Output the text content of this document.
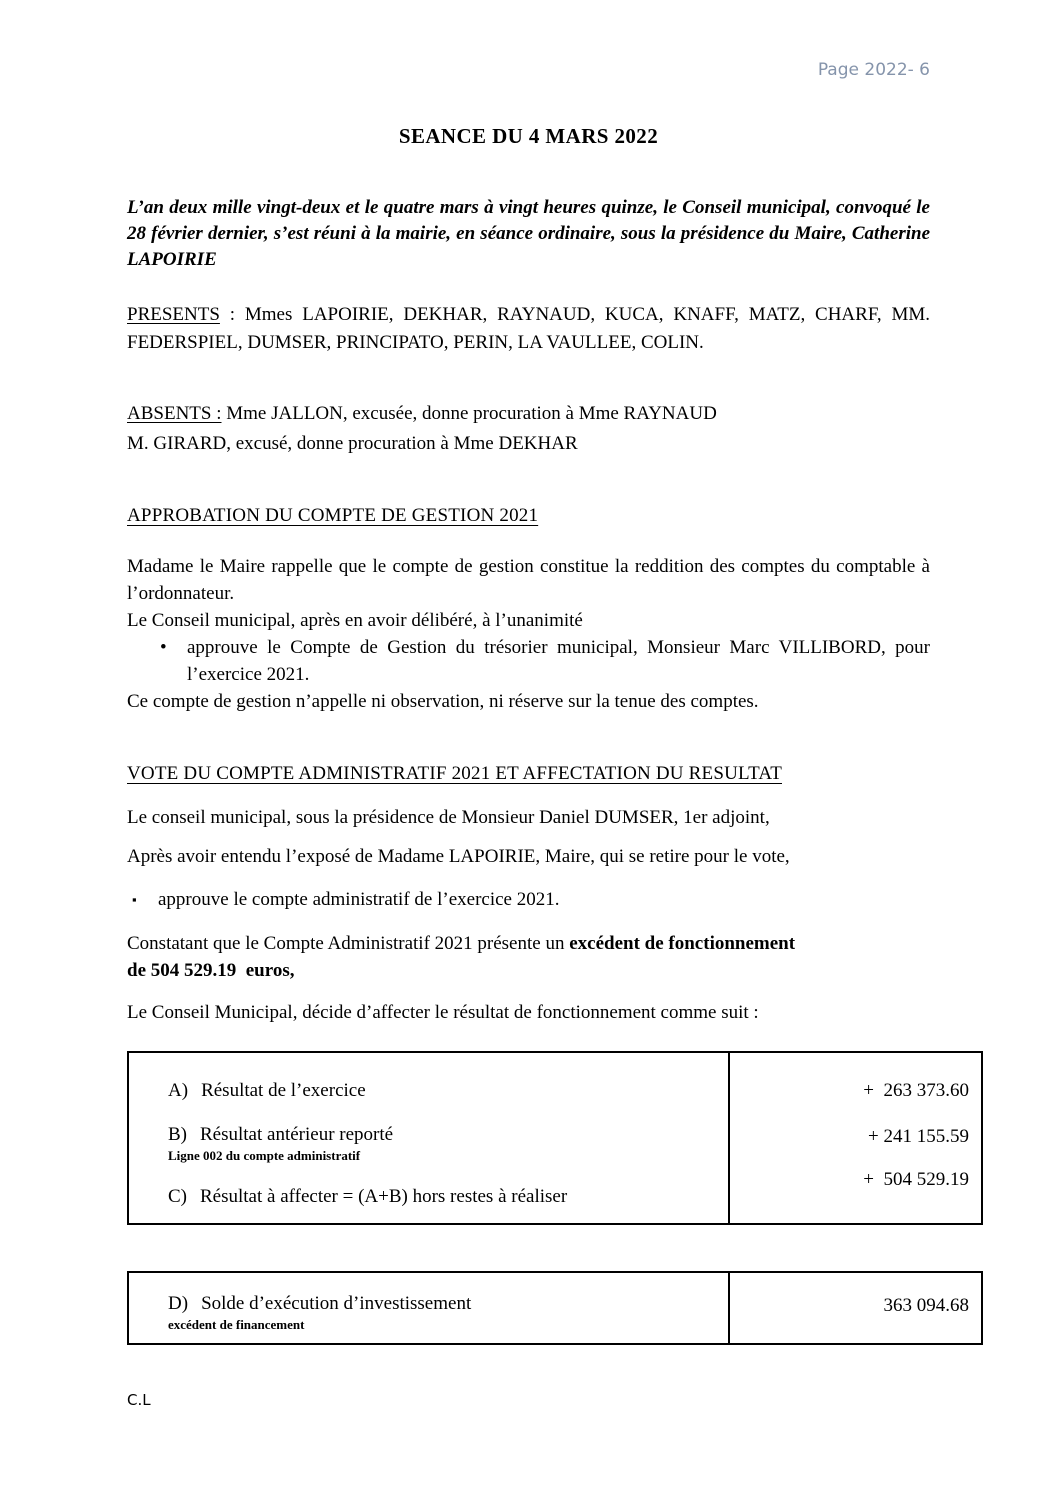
Page 2022- 6
SEANCE DU 4 MARS 2022

L’an deux mille vingt-deux et le quatre mars à vingt heures quinze, le Conseil municipal, convoqué le 28 février dernier, s’est réuni à la mairie, en séance ordinaire, sous la présidence du Maire, Catherine LAPOIRIE

PRESENTS : Mmes LAPOIRIE, DEKHAR, RAYNAUD, KUCA, KNAFF, MATZ, CHARF, MM. FEDERSPIEL, DUMSER, PRINCIPATO, PERIN, LA VAULLEE, COLIN.

ABSENTS : Mme JALLON, excusée, donne procuration à Mme RAYNAUD
M. GIRARD, excusé, donne procuration à Mme DEKHAR
APPROBATION DU COMPTE DE GESTION 2021

Madame le Maire rappelle que le compte de gestion constitue la reddition des comptes du comptable à l’ordonnateur.

Le Conseil municipal, après en avoir délibéré, à l’unanimité

• approuve le Compte de Gestion du trésorier municipal, Monsieur Marc VILLIBORD, pour l’exercice 2021.

Ce compte de gestion n’appelle ni observation, ni réserve sur la tenue des comptes.

VOTE DU COMPTE ADMINISTRATIF 2021 ET AFFECTATION DU RESULTAT

Le conseil municipal, sous la présidence de Monsieur Daniel DUMSER, 1er adjoint,

Après avoir entendu l’exposé de Madame LAPOIRIE, Maire, qui se retire pour le vote,

▪ approuve le compte administratif de l’exercice 2021.

Constatant que le Compte Administratif 2021 présente un excédent de fonctionnement
de 504 529.19  euros,

Le Conseil Municipal, décide d’affecter le résultat de fonctionnement comme suit :

A) Résultat de l’exercice
B) Résultat antérieur reporté
Ligne 002 du compte administratif
C) Résultat à affecter = (A+B) hors restes à réaliser
+  263 373.60
+ 241 155.59
+  504 529.19
D) Solde d’exécution d’investissement
excédent de financement
363 094.68
C.L
